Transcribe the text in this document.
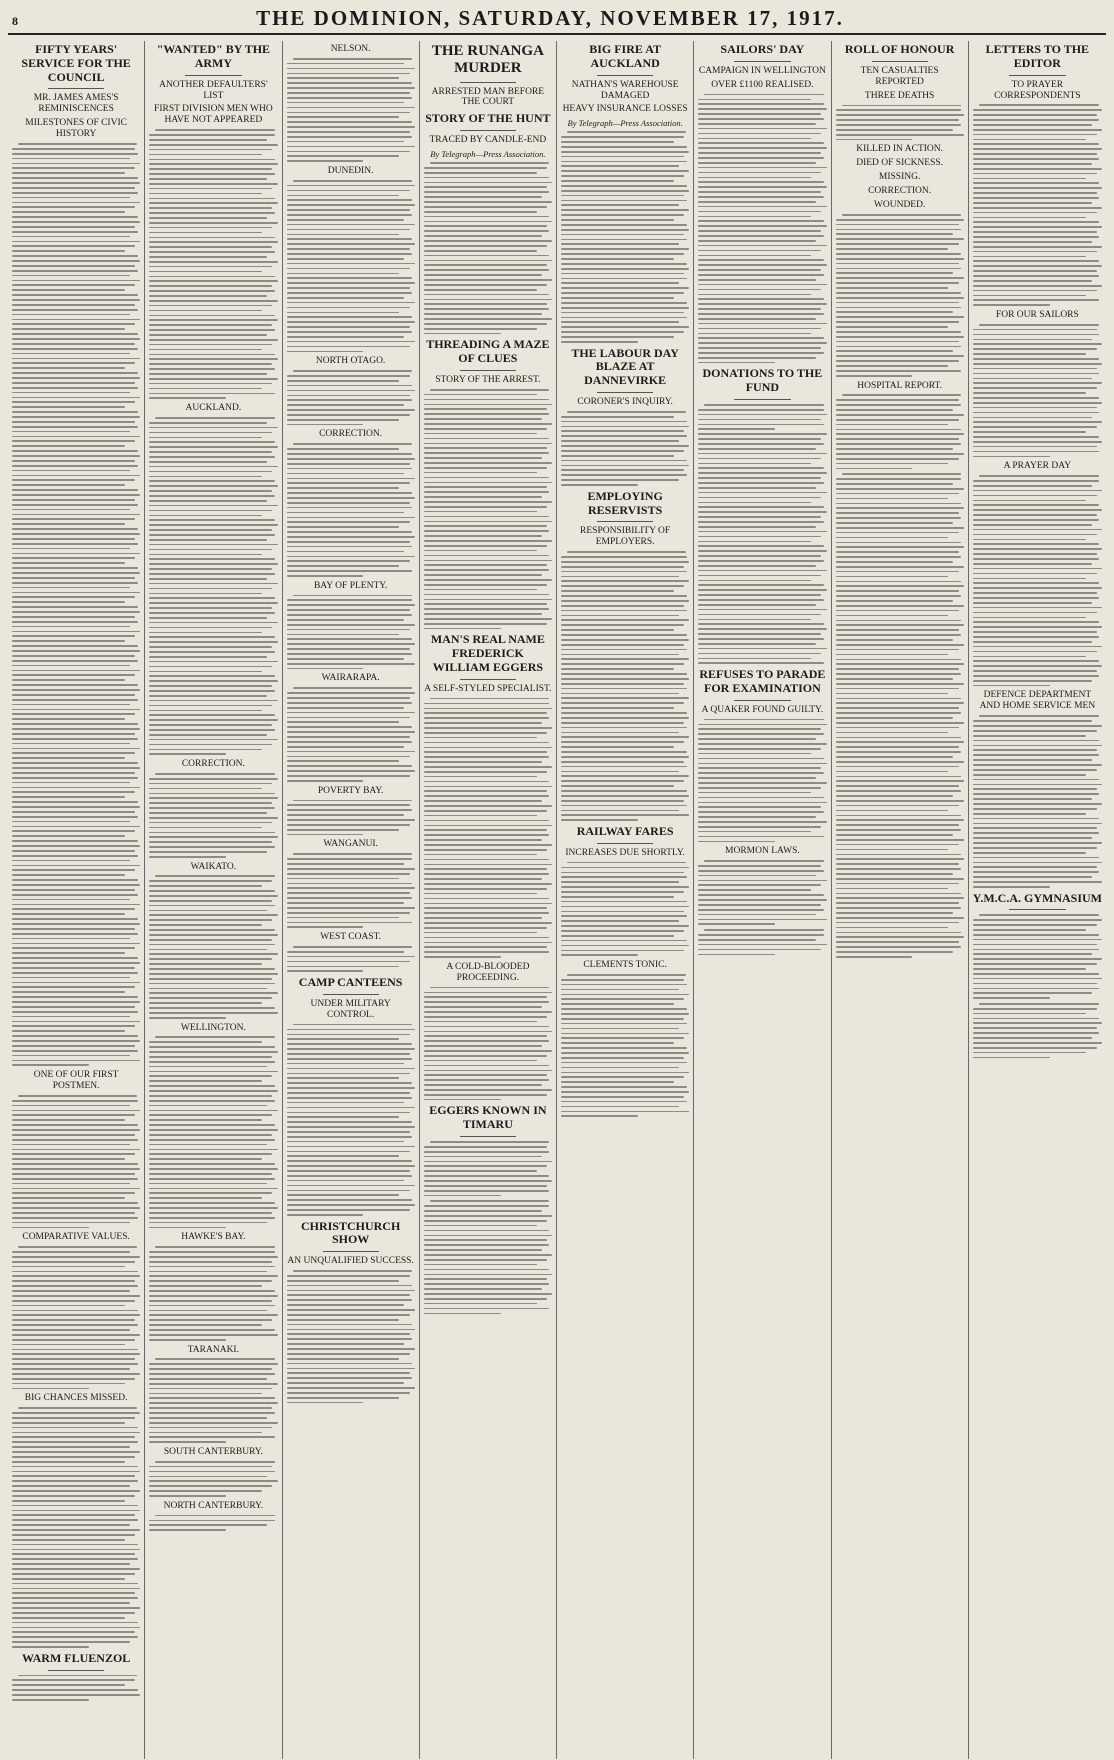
8	THE DOMINION, SATURDAY, NOVEMBER 17, 1917.
FIFTY YEARS' SERVICE FOR THE COUNCIL
MR. JAMES AMES'S REMINISCENCES
MILESTONES OF CIVIC HISTORY
ONE OF OUR FIRST POSTMEN.
COMPARATIVE VALUES.
BIG CHANCES MISSED.
WARM FLUENZOL
"WANTED" BY THE ARMY
ANOTHER DEFAULTERS' LIST
FIRST DIVISION MEN WHO HAVE NOT APPEARED
AUCKLAND.
CORRECTION.
WAIKATO.
WELLINGTON.
HAWKE'S BAY.
TARANAKI.
SOUTH CANTERBURY.
NORTH CANTERBURY.
NELSON.
DUNEDIN.
NORTH OTAGO.
CORRECTION.
BAY OF PLENTY.
WAIRARAPA.
POVERTY BAY.
WANGANUI.
WEST COAST.
CAMP CANTEENS
UNDER MILITARY CONTROL.
CHRISTCHURCH SHOW
AN UNQUALIFIED SUCCESS.
THE RUNANGA MURDER
ARRESTED MAN BEFORE THE COURT
STORY OF THE HUNT
TRACED BY CANDLE-END
By Telegraph—Press Association.
THREADING A MAZE OF CLUES
STORY OF THE ARREST.
MAN'S REAL NAME FREDERICK WILLIAM EGGERS
A SELF-STYLED SPECIALIST.
A COLD-BLOODED PROCEEDING.
EGGERS KNOWN IN TIMARU
BIG FIRE AT AUCKLAND
NATHAN'S WAREHOUSE DAMAGED
HEAVY INSURANCE LOSSES
By Telegraph—Press Association.
THE LABOUR DAY BLAZE AT DANNEVIRKE
CORONER'S INQUIRY.
EMPLOYING RESERVISTS
RESPONSIBILITY OF EMPLOYERS.
RAILWAY FARES
INCREASES DUE SHORTLY.
CLEMENTS TONIC.
SAILORS' DAY
CAMPAIGN IN WELLINGTON
OVER £1100 REALISED.
DONATIONS TO THE FUND
REFUSES TO PARADE FOR EXAMINATION
A QUAKER FOUND GUILTY.
MORMON LAWS.
ROLL OF HONOUR
TEN CASUALTIES REPORTED
THREE DEATHS
KILLED IN ACTION.
DIED OF SICKNESS.
MISSING.
CORRECTION.
WOUNDED.
HOSPITAL REPORT.
LETTERS TO THE EDITOR
TO PRAYER CORRESPONDENTS
FOR OUR SAILORS
A PRAYER DAY
DEFENCE DEPARTMENT AND HOME SERVICE MEN
Y.M.C.A. GYMNASIUM
